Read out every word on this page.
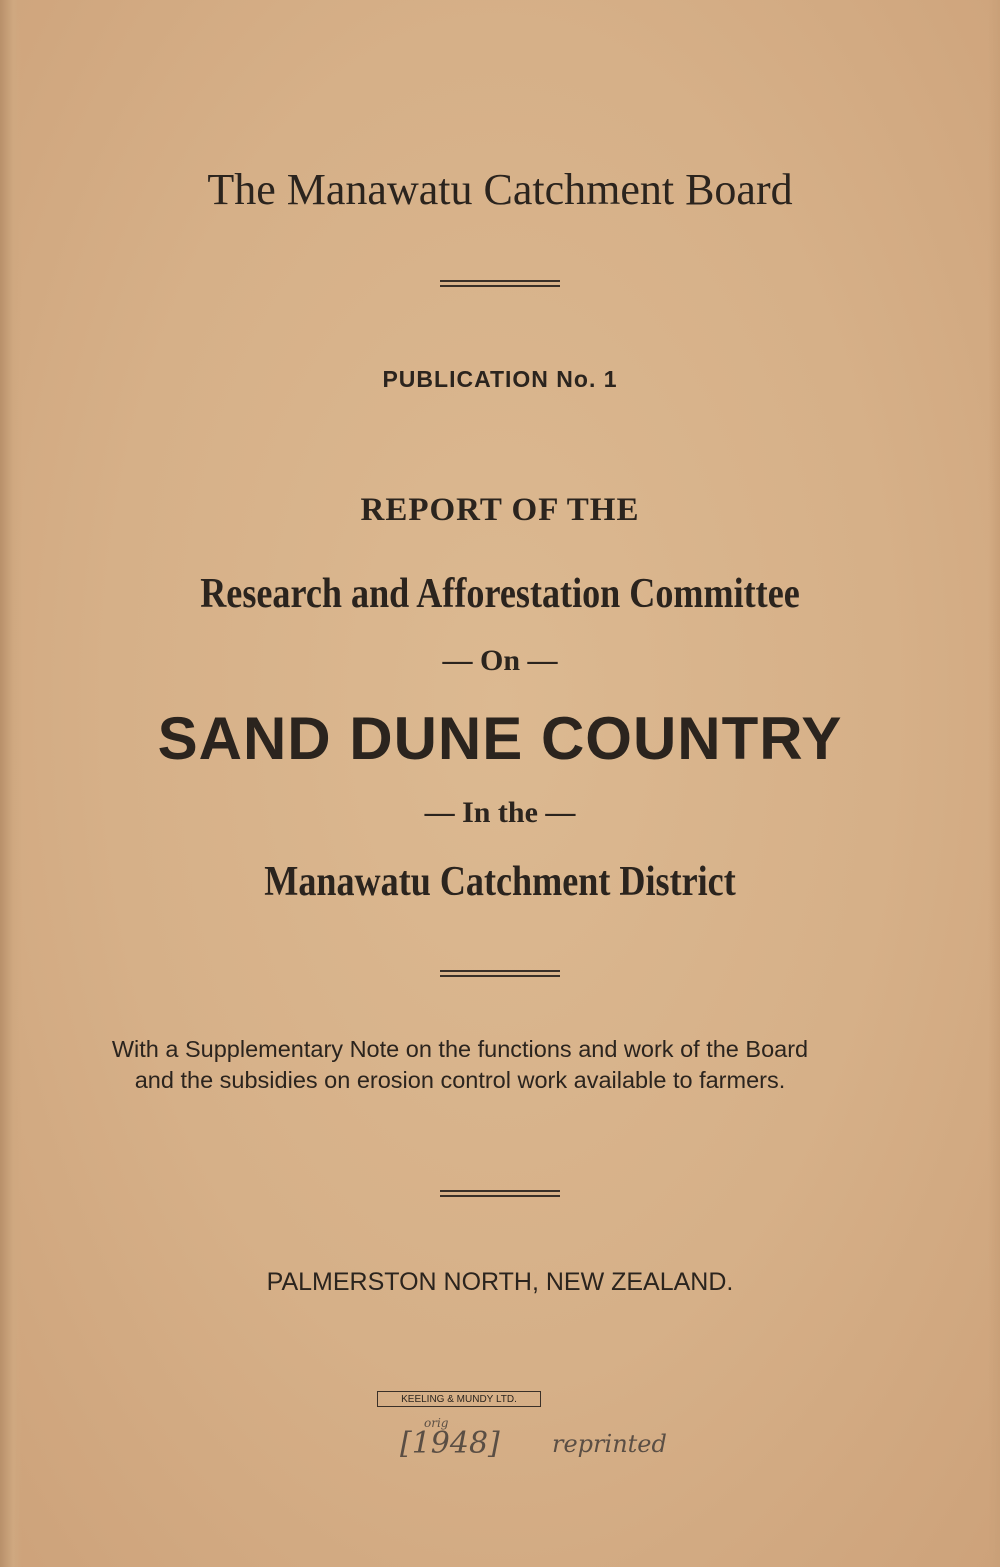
The Manawatu Catchment Board
PUBLICATION No. 1
REPORT OF THE
Research and Afforestation Committee
— On —
SAND DUNE COUNTRY
— In the —
Manawatu Catchment District
With a Supplementary Note on the functions and work of the Board and the subsidies on erosion control work available to farmers.
PALMERSTON NORTH, NEW ZEALAND.
KEELING & MUNDY LTD.
orig
[1948] reprinted
